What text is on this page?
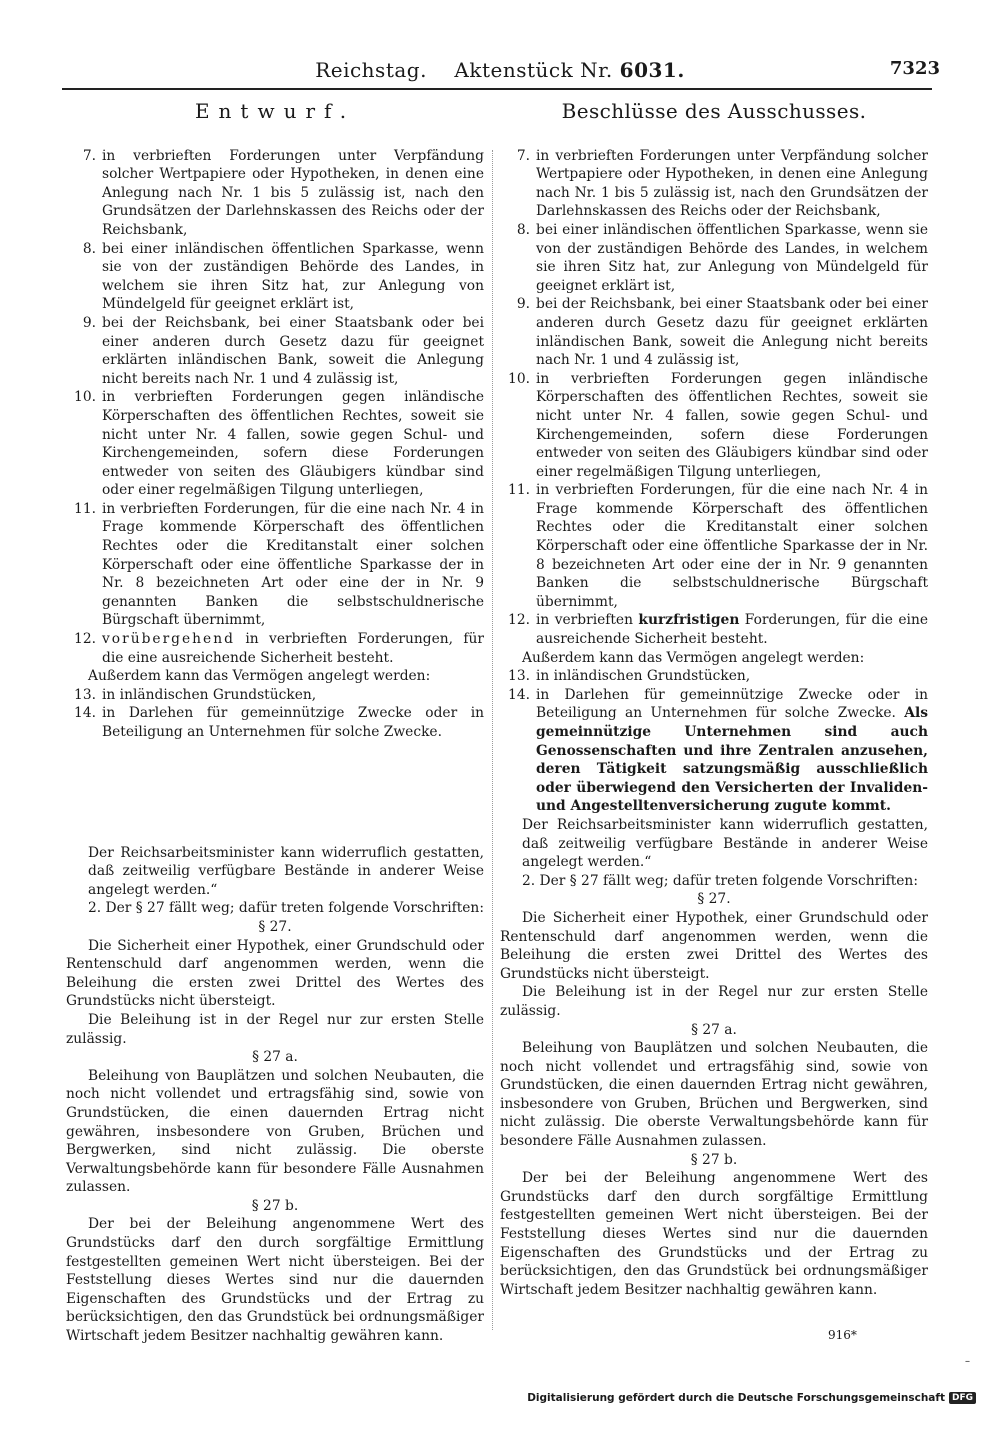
Reichstag. Aktenstück Nr. 6031.	7323
Entwurf.
7. in verbrieften Forderungen unter Verpfändung solcher Wertpapiere oder Hypotheken, in denen eine Anlegung nach Nr. 1 bis 5 zulässig ist, nach den Grundsätzen der Darlehnskassen des Reichs oder der Reichsbank,
8. bei einer inländischen öffentlichen Sparkasse, wenn sie von der zuständigen Behörde des Landes, in welchem sie ihren Sitz hat, zur Anlegung von Mündelgeld für geeignet erklärt ist,
9. bei der Reichsbank, bei einer Staatsbank oder bei einer anderen durch Gesetz dazu für geeignet erklärten inländischen Bank, soweit die Anlegung nicht bereits nach Nr. 1 und 4 zulässig ist,
10. in verbrieften Forderungen gegen inländische Körperschaften des öffentlichen Rechtes, soweit sie nicht unter Nr. 4 fallen, sowie gegen Schul- und Kirchengemeinden, sofern diese Forderungen entweder von seiten des Gläubigers kündbar sind oder einer regelmäßigen Tilgung unterliegen,
11. in verbrieften Forderungen, für die eine nach Nr. 4 in Frage kommende Körperschaft des öffentlichen Rechtes oder die Kreditanstalt einer solchen Körperschaft oder eine öffentliche Sparkasse der in Nr. 8 bezeichneten Art oder eine der in Nr. 9 genannten Banken die selbstschuldnerische Bürgschaft übernimmt,
12. vorübergehend in verbrieften Forderungen, für die eine ausreichende Sicherheit besteht.

Außerdem kann das Vermögen angelegt werden:

13. in inländischen Grundstücken,
14. in Darlehen für gemeinnützige Zwecke oder in Beteiligung an Unternehmen für solche Zwecke.

Der Reichsarbeitsminister kann widerruflich gestatten, daß zeitweilig verfügbare Bestände in anderer Weise angelegt werden.“

2. Der § 27 fällt weg; dafür treten folgende Vorschriften:

§ 27.

Die Sicherheit einer Hypothek, einer Grundschuld oder Rentenschuld darf angenommen werden, wenn die Beleihung die ersten zwei Drittel des Wertes des Grundstücks nicht übersteigt.

Die Beleihung ist in der Regel nur zur ersten Stelle zulässig.

§ 27 a.

Beleihung von Bauplätzen und solchen Neubauten, die noch nicht vollendet und ertragsfähig sind, sowie von Grundstücken, die einen dauernden Ertrag nicht gewähren, insbesondere von Gruben, Brüchen und Bergwerken, sind nicht zulässig. Die oberste Verwaltungsbehörde kann für besondere Fälle Ausnahmen zulassen.

§ 27 b.

Der bei der Beleihung angenommene Wert des Grundstücks darf den durch sorgfältige Ermittlung festgestellten gemeinen Wert nicht übersteigen. Bei der Feststellung dieses Wertes sind nur die dauernden Eigenschaften des Grundstücks und der Ertrag zu berücksichtigen, den das Grundstück bei ordnungsmäßiger Wirtschaft jedem Besitzer nachhaltig gewähren kann.

Beschlüsse des Ausschusses.
7. in verbrieften Forderungen unter Verpfändung solcher Wertpapiere oder Hypotheken, in denen eine Anlegung nach Nr. 1 bis 5 zulässig ist, nach den Grundsätzen der Darlehnskassen des Reichs oder der Reichsbank,
8. bei einer inländischen öffentlichen Sparkasse, wenn sie von der zuständigen Behörde des Landes, in welchem sie ihren Sitz hat, zur Anlegung von Mündelgeld für geeignet erklärt ist,
9. bei der Reichsbank, bei einer Staatsbank oder bei einer anderen durch Gesetz dazu für geeignet erklärten inländischen Bank, soweit die Anlegung nicht bereits nach Nr. 1 und 4 zulässig ist,
10. in verbrieften Forderungen gegen inländische Körperschaften des öffentlichen Rechtes, soweit sie nicht unter Nr. 4 fallen, sowie gegen Schul- und Kirchengemeinden, sofern diese Forderungen entweder von seiten des Gläubigers kündbar sind oder einer regelmäßigen Tilgung unterliegen,
11. in verbrieften Forderungen, für die eine nach Nr. 4 in Frage kommende Körperschaft des öffentlichen Rechtes oder die Kreditanstalt einer solchen Körperschaft oder eine öffentliche Sparkasse der in Nr. 8 bezeichneten Art oder eine der in Nr. 9 genannten Banken die selbstschuldnerische Bürgschaft übernimmt,
12. in verbrieften kurzfristigen Forderungen, für die eine ausreichende Sicherheit besteht.

Außerdem kann das Vermögen angelegt werden:

13. in inländischen Grundstücken,
14. in Darlehen für gemeinnützige Zwecke oder in Beteiligung an Unternehmen für solche Zwecke. Als gemeinnützige Unternehmen sind auch Genossenschaften und ihre Zentralen anzusehen, deren Tätigkeit satzungsmäßig ausschließlich oder überwiegend den Versicherten der Invaliden- und Angestelltenversicherung zugute kommt.

Der Reichsarbeitsminister kann widerruflich gestatten, daß zeitweilig verfügbare Bestände in anderer Weise angelegt werden.“

2. Der § 27 fällt weg; dafür treten folgende Vorschriften:

§ 27.

Die Sicherheit einer Hypothek, einer Grundschuld oder Rentenschuld darf angenommen werden, wenn die Beleihung die ersten zwei Drittel des Wertes des Grundstücks nicht übersteigt.

Die Beleihung ist in der Regel nur zur ersten Stelle zulässig.

§ 27 a.

Beleihung von Bauplätzen und solchen Neubauten, die noch nicht vollendet und ertragsfähig sind, sowie von Grundstücken, die einen dauernden Ertrag nicht gewähren, insbesondere von Gruben, Brüchen und Bergwerken, sind nicht zulässig. Die oberste Verwaltungsbehörde kann für besondere Fälle Ausnahmen zulassen.

§ 27 b.

Der bei der Beleihung angenommene Wert des Grundstücks darf den durch sorgfältige Ermittlung festgestellten gemeinen Wert nicht übersteigen. Bei der Feststellung dieses Wertes sind nur die dauernden Eigenschaften des Grundstücks und der Ertrag zu berücksichtigen, den das Grundstück bei ordnungsmäßiger Wirtschaft jedem Besitzer nachhaltig gewähren kann.

916*
–
Digitalisierung gefördert durch die Deutsche Forschungsgemeinschaft DFG
